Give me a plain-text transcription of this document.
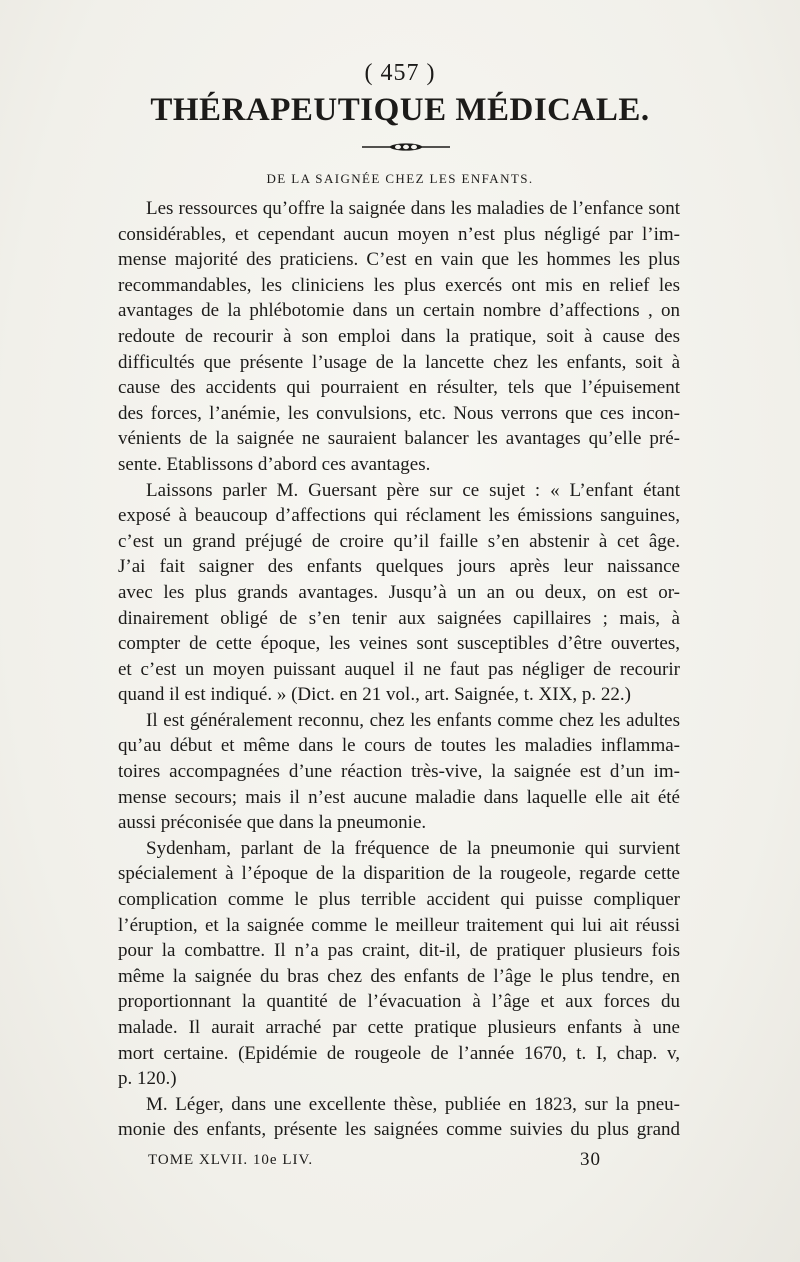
( 457 )
THÉRAPEUTIQUE MÉDICALE.
DE LA SAIGNÉE CHEZ LES ENFANTS.
Les ressources qu’offre la saignée dans les maladies de l’enfance sont
considérables, et cependant aucun moyen n’est plus négligé par l’im-
mense majorité des praticiens. C’est en vain que les hommes les plus
recommandables, les cliniciens les plus exercés ont mis en relief les
avantages de la phlébotomie dans un certain nombre d’affections , on
redoute de recourir à son emploi dans la pratique, soit à cause des
difficultés que présente l’usage de la lancette chez les enfants, soit à
cause des accidents qui pourraient en résulter, tels que l’épuisement
des forces, l’anémie, les convulsions, etc. Nous verrons que ces incon-
vénients de la saignée ne sauraient balancer les avantages qu’elle pré-
sente. Etablissons d’abord ces avantages.
Laissons parler M. Guersant père sur ce sujet : « L’enfant étant
exposé à beaucoup d’affections qui réclament les émissions sanguines,
c’est un grand préjugé de croire qu’il faille s’en abstenir à cet âge.
J’ai fait saigner des enfants quelques jours après leur naissance
avec les plus grands avantages. Jusqu’à un an ou deux, on est or-
dinairement obligé de s’en tenir aux saignées capillaires ; mais, à
compter de cette époque, les veines sont susceptibles d’être ouvertes,
et c’est un moyen puissant auquel il ne faut pas négliger de recourir
quand il est indiqué. » (Dict. en 21 vol., art. Saignée, t. XIX, p. 22.)
Il est généralement reconnu, chez les enfants comme chez les adultes
qu’au début et même dans le cours de toutes les maladies inflamma-
toires accompagnées d’une réaction très-vive, la saignée est d’un im-
mense secours; mais il n’est aucune maladie dans laquelle elle ait été
aussi préconisée que dans la pneumonie.
Sydenham, parlant de la fréquence de la pneumonie qui survient
spécialement à l’époque de la disparition de la rougeole, regarde cette
complication comme le plus terrible accident qui puisse compliquer
l’éruption, et la saignée comme le meilleur traitement qui lui ait réussi
pour la combattre. Il n’a pas craint, dit-il, de pratiquer plusieurs fois
même la saignée du bras chez des enfants de l’âge le plus tendre, en
proportionnant la quantité de l’évacuation à l’âge et aux forces du
malade. Il aurait arraché par cette pratique plusieurs enfants à une
mort certaine. (Epidémie de rougeole de l’année 1670, t. I, chap. v,
p. 120.)
M. Léger, dans une excellente thèse, publiée en 1823, sur la pneu-
monie des enfants, présente les saignées comme suivies du plus grand
TOME XLVII. 10e LIV.	30
